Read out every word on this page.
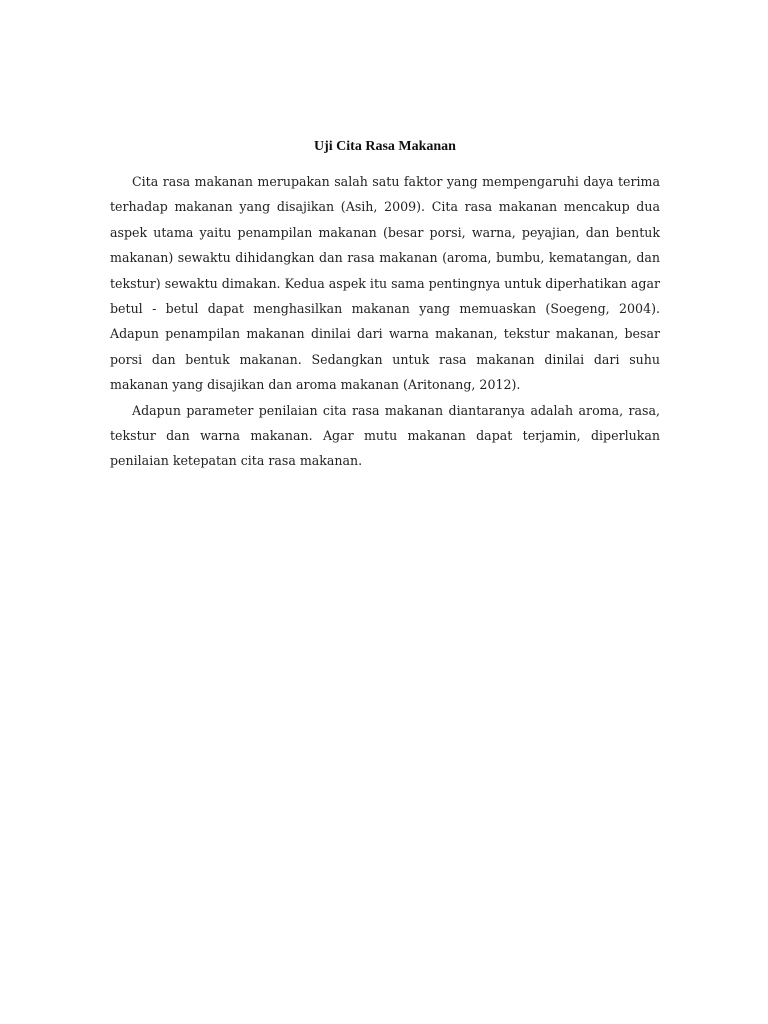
Uji Cita Rasa Makanan

Cita rasa makanan merupakan salah satu faktor yang mempengaruhi daya terima terhadap makanan yang disajikan (Asih, 2009). Cita rasa makanan mencakup dua aspek utama yaitu penampilan makanan (besar porsi, warna, peyajian, dan bentuk makanan) sewaktu dihidangkan dan rasa makanan (aroma, bumbu, kematangan, dan tekstur) sewaktu dimakan. Kedua aspek itu sama pentingnya untuk diperhatikan agar betul - betul dapat menghasilkan makanan yang memuaskan (Soegeng, 2004). Adapun penampilan makanan dinilai dari warna makanan, tekstur makanan, besar porsi dan bentuk makanan. Sedangkan untuk rasa makanan dinilai dari suhu makanan yang disajikan dan aroma makanan (Aritonang, 2012).

Adapun parameter penilaian cita rasa makanan diantaranya adalah aroma, rasa, tekstur dan warna makanan. Agar mutu makanan dapat terjamin, diperlukan penilaian ketepatan cita rasa makanan.
